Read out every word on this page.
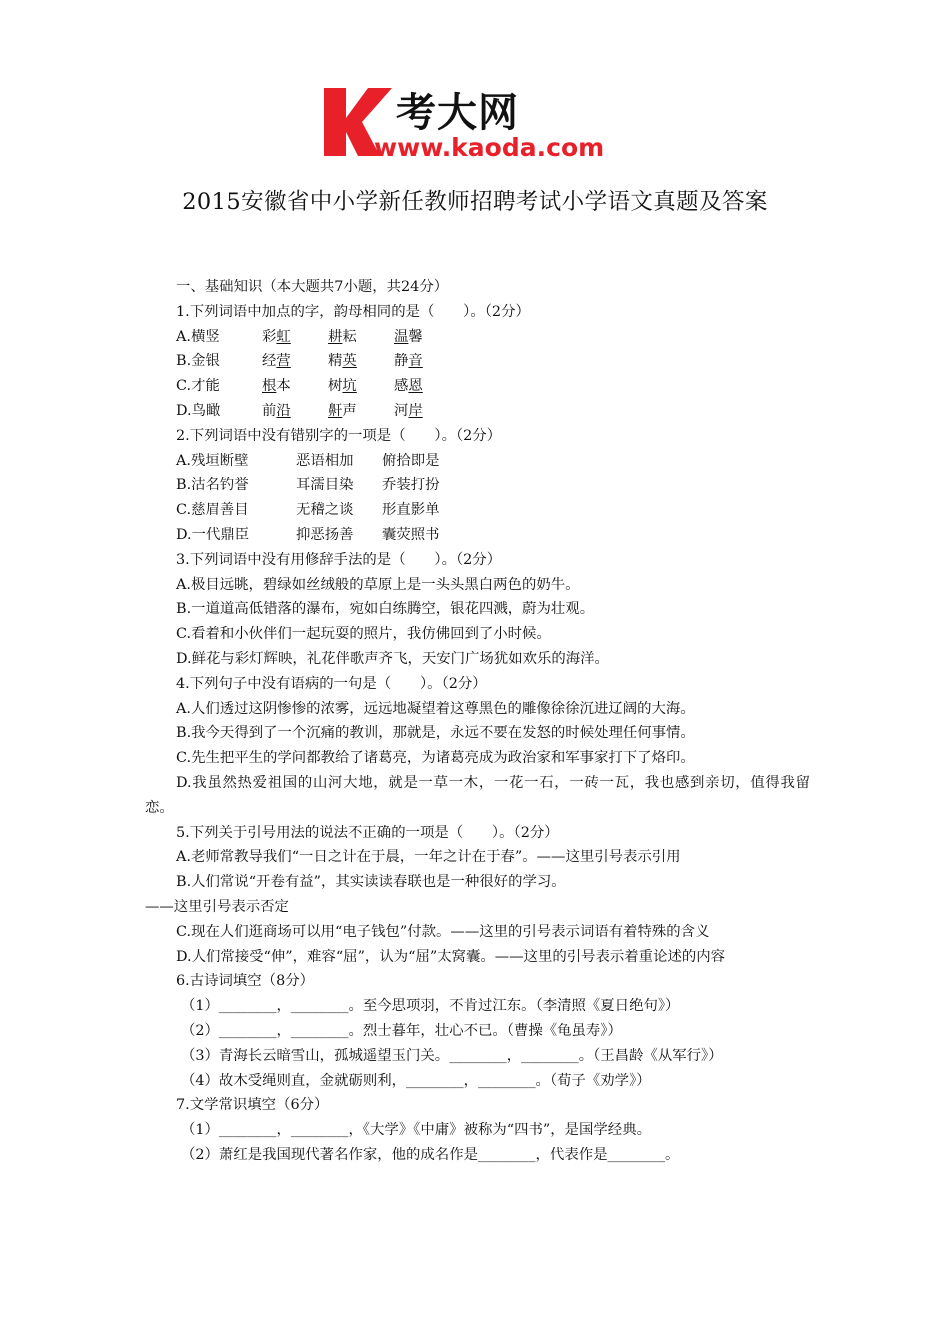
考大网
www.kaoda.com
2015安徽省中小学新任教师招聘考试小学语文真题及答案
一、基础知识（本大题共7小题，共24分）
1.下列词语中加点的字，韵母相同的是（　　）。（2分）
A.横竖	彩虹	耕耘	温馨
B.金银	经营	精英	静音
C.才能	根本	树坑	感恩
D.鸟瞰	前沿	鼾声	河岸
2.下列词语中没有错别字的一项是（　　）。（2分）
A.残垣断壁	恶语相加 俯拾即是
B.沽名钓誉	耳濡目染 乔装打扮
C.慈眉善目	无稽之谈 形直影单
D.一代鼎臣	抑恶扬善 囊荧照书
3.下列词语中没有用修辞手法的是（　　）。（2分）
A.极目远眺，碧绿如丝绒般的草原上是一头头黑白两色的奶牛。
B.一道道高低错落的瀑布，宛如白练腾空，银花四溅，蔚为壮观。
C.看着和小伙伴们一起玩耍的照片，我仿佛回到了小时候。
D.鲜花与彩灯辉映，礼花伴歌声齐飞，天安门广场犹如欢乐的海洋。
4.下列句子中没有语病的一句是（　　）。（2分）
A.人们透过这阴惨惨的浓雾，远远地凝望着这尊黑色的雕像徐徐沉进辽阔的大海。
B.我今天得到了一个沉痛的教训，那就是，永远不要在发怒的时候处理任何事情。
C.先生把平生的学问都教给了诸葛亮，为诸葛亮成为政治家和军事家打下了烙印。
D.我虽然热爱祖国的山河大地，就是一草一木，一花一石，一砖一瓦，我也感到亲切，值得我留恋。
5.下列关于引号用法的说法不正确的一项是（　　）。（2分）
A.老师常教导我们“一日之计在于晨，一年之计在于春”。——这里引号表示引用
B.人们常说“开卷有益”，其实读读春联也是一种很好的学习。
——这里引号表示否定
C.现在人们逛商场可以用“电子钱包”付款。——这里的引号表示词语有着特殊的含义
D.人们常接受“伸”，难容“屈”，认为“屈”太窝囊。——这里的引号表示着重论述的内容
6.古诗词填空（8分）
（1）________，________。至今思项羽，不肯过江东。（李清照《夏日绝句》）
（2）________，________。烈士暮年，壮心不已。（曹操《龟虽寿》）
（3）青海长云暗雪山，孤城遥望玉门关。________，________。（王昌龄《从军行》）
（4）故木受绳则直，金就砺则利，________，________。（荀子《劝学》）
7.文学常识填空（6分）
（1）________，________，《大学》《中庸》被称为“四书”，是国学经典。
（2）萧红是我国现代著名作家，他的成名作是________，代表作是________。
